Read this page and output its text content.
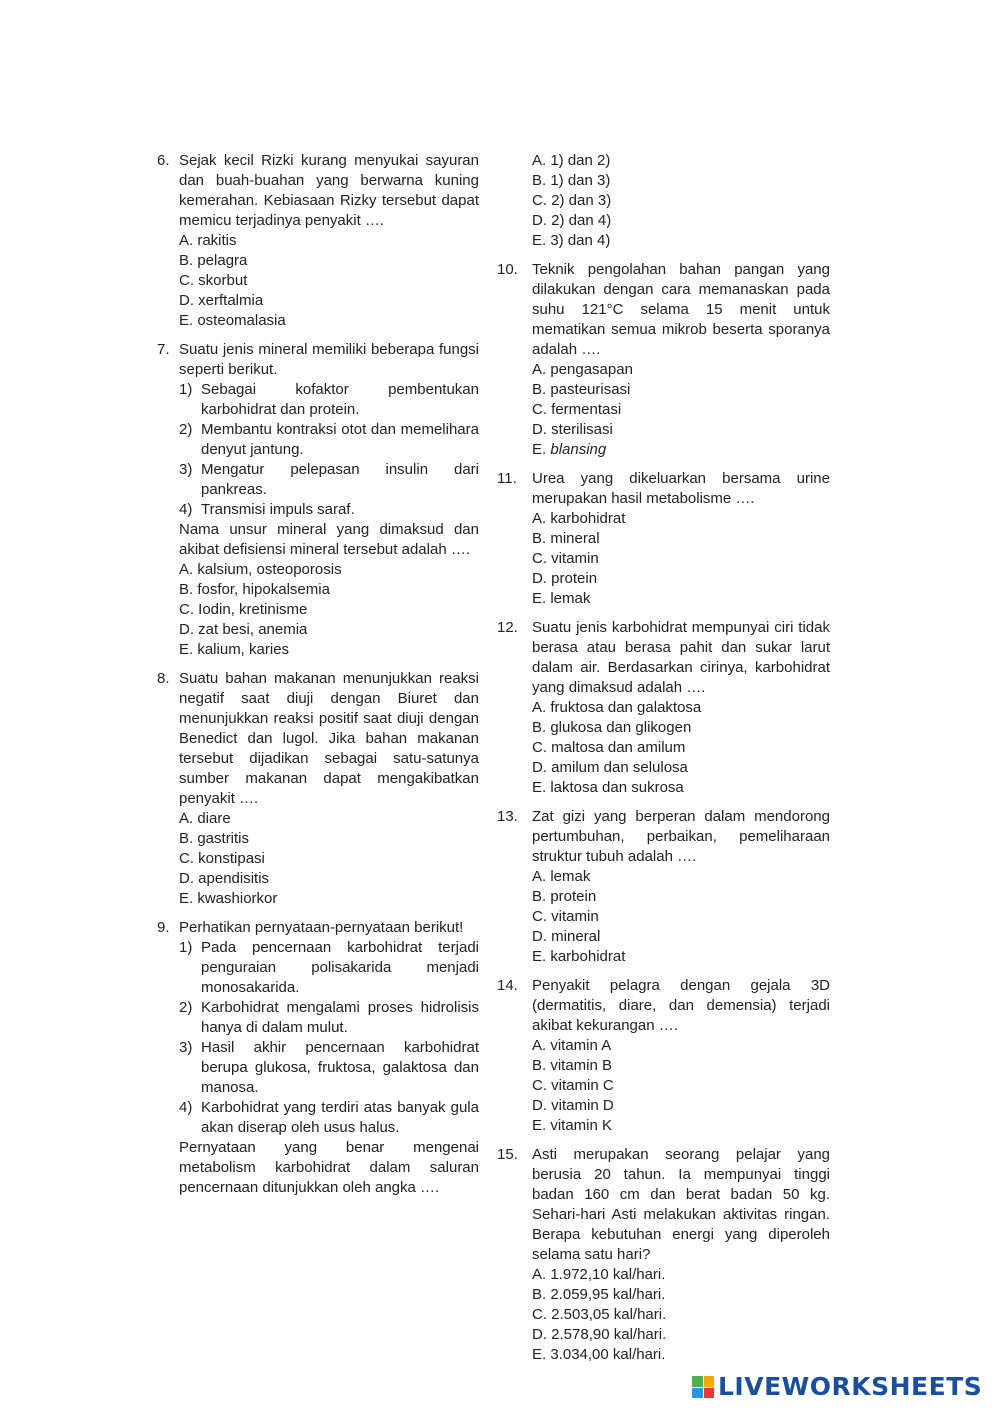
6. Sejak kecil Rizki kurang menyukai sayuran dan buah-buahan yang berwarna kuning kemerahan. Kebiasaan Rizky tersebut dapat memicu terjadinya penyakit ….
A. rakitis
B. pelagra
C. skorbut
D. xerftalmia
E. osteomalasia
7. Suatu jenis mineral memiliki beberapa fungsi seperti berikut.
1) Sebagai kofaktor pembentukan karbohidrat dan protein.
2) Membantu kontraksi otot dan memelihara denyut jantung.
3) Mengatur pelepasan insulin dari pankreas.
4) Transmisi impuls saraf.
Nama unsur mineral yang dimaksud dan akibat defisiensi mineral tersebut adalah ….
A. kalsium, osteoporosis
B. fosfor, hipokalsemia
C. Iodin, kretinisme
D. zat besi, anemia
E. kalium, karies
8. Suatu bahan makanan menunjukkan reaksi negatif saat diuji dengan Biuret dan menunjukkan reaksi positif saat diuji dengan Benedict dan lugol. Jika bahan makanan tersebut dijadikan sebagai satu-satunya sumber makanan dapat mengakibatkan penyakit ….
A. diare
B. gastritis
C. konstipasi
D. apendisitis
E. kwashiorkor
9. Perhatikan pernyataan-pernyataan berikut!
1) Pada pencernaan karbohidrat terjadi penguraian polisakarida menjadi monosakarida.
2) Karbohidrat mengalami proses hidrolisis hanya di dalam mulut.
3) Hasil akhir pencernaan karbohidrat berupa glukosa, fruktosa, galaktosa dan manosa.
4) Karbohidrat yang terdiri atas banyak gula akan diserap oleh usus halus.
Pernyataan yang benar mengenai metabolism karbohidrat dalam saluran pencernaan ditunjukkan oleh angka ….
A. 1) dan 2)
B. 1) dan 3)
C. 2) dan 3)
D. 2) dan 4)
E. 3) dan 4)
10. Teknik pengolahan bahan pangan yang dilakukan dengan cara memanaskan pada suhu 121°C selama 15 menit untuk mematikan semua mikrob beserta sporanya adalah ….
A. pengasapan
B. pasteurisasi
C. fermentasi
D. sterilisasi
E. blansing
11. Urea yang dikeluarkan bersama urine merupakan hasil metabolisme ….
A. karbohidrat
B. mineral
C. vitamin
D. protein
E. lemak
12. Suatu jenis karbohidrat mempunyai ciri tidak berasa atau berasa pahit dan sukar larut dalam air. Berdasarkan cirinya, karbohidrat yang dimaksud adalah ….
A. fruktosa dan galaktosa
B. glukosa dan glikogen
C. maltosa dan amilum
D. amilum dan selulosa
E. laktosa dan sukrosa
13. Zat gizi yang berperan dalam mendorong pertumbuhan, perbaikan, pemeliharaan struktur tubuh adalah ….
A. lemak
B. protein
C. vitamin
D. mineral
E. karbohidrat
14. Penyakit pelagra dengan gejala 3D (dermatitis, diare, dan demensia) terjadi akibat kekurangan ….
A. vitamin A
B. vitamin B
C. vitamin C
D. vitamin D
E. vitamin K
15. Asti merupakan seorang pelajar yang berusia 20 tahun. Ia mempunyai tinggi badan 160 cm dan berat badan 50 kg. Sehari-hari Asti melakukan aktivitas ringan. Berapa kebutuhan energi yang diperoleh selama satu hari?
A. 1.972,10 kal/hari.
B. 2.059,95 kal/hari.
C. 2.503,05 kal/hari.
D. 2.578,90 kal/hari.
E. 3.034,00 kal/hari.
LIVEWORKSHEETS
